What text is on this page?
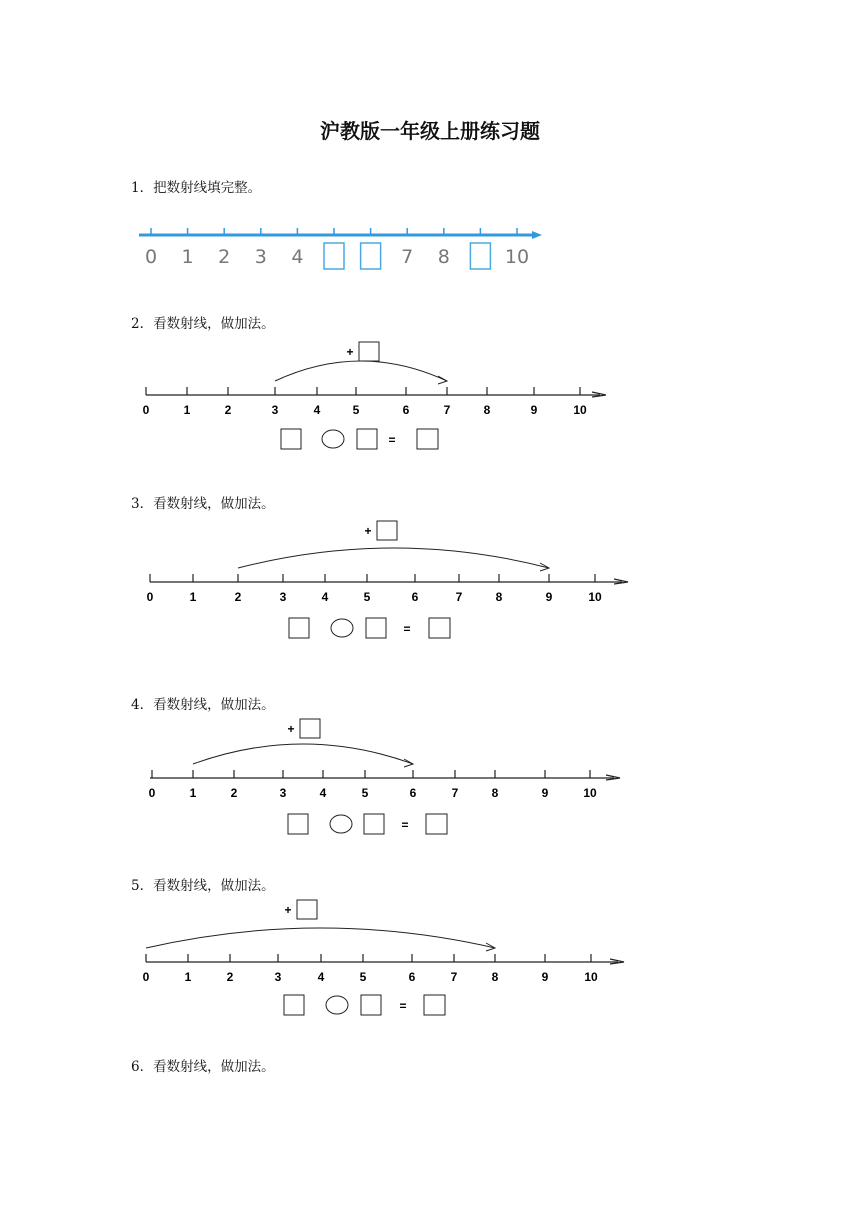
沪教版一年级上册练习题
1．把数射线填完整。
2．看数射线，做加法。
3．看数射线，做加法。
4．看数射线，做加法。
5．看数射线，做加法。
6．看数射线，做加法。
0 1 2 3 4	7 8	10
0	1	2	3	4	5	6	7	8	9	10
+
=
0	1	2	3	4	5	6	7	8	9	10
+
=
0	1	2	3	4	5	6	7	8	9	10
+
=
0	1	2	3	4	5	6	7	8	9	10
+
=
